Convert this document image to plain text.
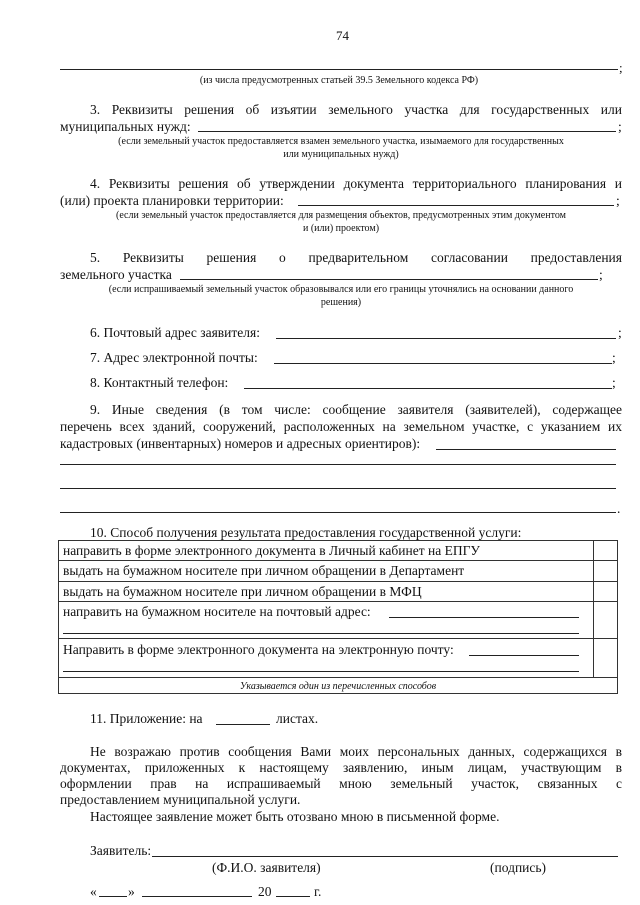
74
;
(из числа предусмотренных статьей 39.5 Земельного кодекса РФ)
3. Реквизиты решения об изъятии земельного участка для государственных или
муниципальных нужд:	;
(если земельный участок предоставляется взамен земельного участка, изымаемого для государственных
или муниципальных нужд)
4. Реквизиты решения об утверждении документа территориального планирования и
(или) проекта планировки территории:	;
(если земельный участок предоставляется для размещения объектов, предусмотренных этим документом
и (или) проектом)
5. Реквизиты решения о предварительном согласовании предоставления
земельного участка	;
(если испрашиваемый земельный участок образовывался или его границы уточнялись на основании данного
решения)
6. Почтовый адрес заявителя:	;
7. Адрес электронной почты:	;
8. Контактный телефон:	;
9. Иные сведения (в том числе: сообщение заявителя (заявителей), содержащее
перечень всех зданий, сооружений, расположенных на земельном участке, с указанием их
кадастровых (инвентарных) номеров и адресных ориентиров):
.
10. Способ получения результата предоставления государственной услуги:
направить в форме электронного документа в Личный кабинет на ЕПГУ
выдать на бумажном носителе при личном обращении в Департамент
выдать на бумажном носителе при личном обращении в МФЦ
направить на бумажном носителе на почтовый адрес:
Направить в форме электронного документа на электронную почту:
Указывается один из перечисленных способов
11. Приложение: на	листах.
Не возражаю против сообщения Вами моих персональных данных, содержащихся в
документах, приложенных к настоящему заявлению, иным лицам, участвующим в
оформлении прав на испрашиваемый мною земельный участок, связанных с
предоставлением муниципальной услуги.
Настоящее заявление может быть отозвано мною в письменной форме.
Заявитель:
(Ф.И.О. заявителя)	(подпись)
« »	20	г.
